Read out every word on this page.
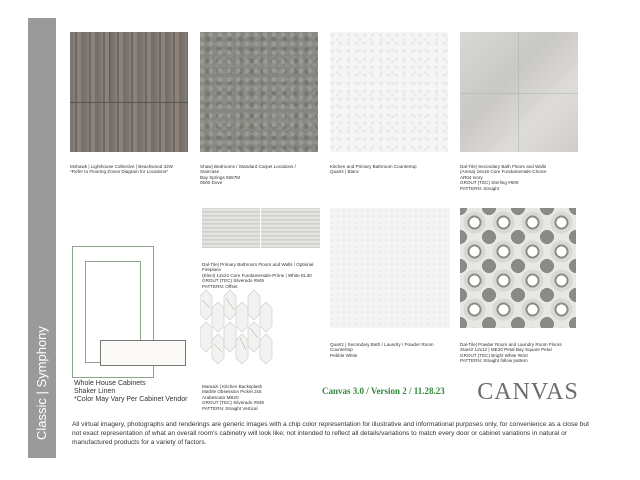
Classic | Symphony

Mohawk | Lighthouse Collective | Beachwood 32W
*Refer to Flooring Zones Diagram for Locations*

Shaw| Bedrooms / Standard Carpet Locations /
Staircase
Bay Springs 5657M
0500 Dove

Kitchen and Primary Bathroom Countertop
Quartz | Blanc

Dal-Tile| Secondary Bath Floors and Walls
(Arena) 16x16 Core Fundamentals-Choice
AR04 Ivory
GROUT (TEC) Sterling #609
PATTERN: Straight

Dal-Tile| Primary Bathroom Floors and Walls / Optional
Fireplace
(Elect) 12x24 Core Fundamentals-Prime | White EL30
GROUT (TEC) Silverado #949
PATTERN: Offset

Quartz | Secondary Bath / Laundry / Powder Room
Countertop
Pebble White

Dal-Tile| Powder Room and Laundry Room Floors
Starsir 12x12 | ME20 Petal Bay Square Petal
GROUT (TEC) Bright White #810
PATTERN: Straight follow pattern

Maraazi | Kitchen Backsplash
Marble Obsession Picket 2x5
Arabescato MB20
GROUT (TEC) Silverado #949
PATTERN: Straight Vertical

Whole House Cabinets
Shaker Linen
*Color May Vary Per Cabinet Vendor
Canvas 3.0 / Version 2 / 11.28.23 CANVAS
All virtual imagery, photographs and renderings are generic images with a chip color representation for illustrative and informational purposes only, for convenience as a close but not exact representation of what an overall room's cabinetry will look like; not intended to reflect all details/variations to match every door or cabinet variations in natural or manufactured products for a variety of factors.
